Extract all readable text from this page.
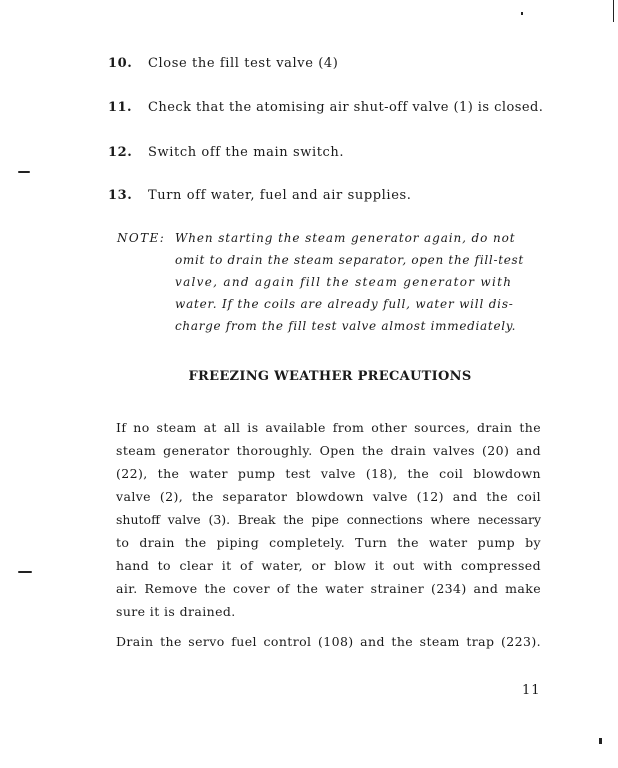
10. Close the fill test valve (4)
11. Check that the atomising air shut-off valve (1) is closed.
12. Switch off the main switch.
13. Turn off water, fuel and air supplies.
NOTE: When starting the steam generator again, do not
omit to drain the steam separator, open the fill-test
valve, and again fill the steam generator with
water. If the coils are already full, water will dis-
charge from the fill test valve almost immediately.
FREEZING WEATHER PRECAUTIONS
If no steam at all is available from other sources, drain the
steam generator thoroughly. Open the drain valves (20) and
(22), the water pump test valve (18), the coil blowdown
valve (2), the separator blowdown valve (12) and the coil
shutoff valve (3). Break the pipe connections where necessary
to drain the piping completely. Turn the water pump by
hand to clear it of water, or blow it out with compressed
air. Remove the cover of the water strainer (234) and make
sure it is drained.
Drain the servo fuel control (108) and the steam trap (223).
11
